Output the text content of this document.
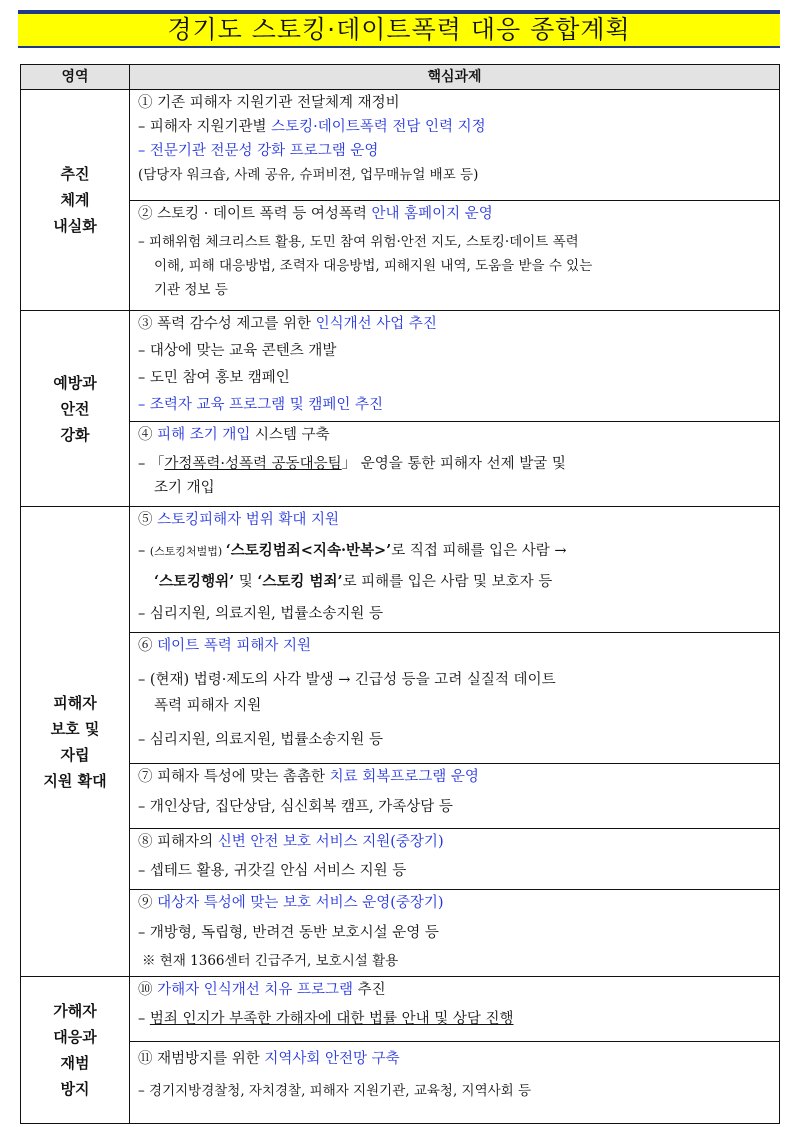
경기도 스토킹·데이트폭력 대응 종합계획
영역	핵심과제
추진
체계
내실화
① 기존 피해자 지원기관 전달체계 재정비
– 피해자 지원기관별 스토킹·데이트폭력 전담 인력 지정
– 전문기관 전문성 강화 프로그램 운영
(담당자 워크숍, 사례 공유, 슈퍼비젼, 업무매뉴얼 배포 등)
② 스토킹 · 데이트 폭력 등 여성폭력 안내 홈페이지 운영
– 피해위험 체크리스트 활용, 도민 참여 위험·안전 지도, 스토킹·데이트 폭력
이해, 피해 대응방법, 조력자 대응방법, 피해지원 내역, 도움을 받을 수 있는
기관 정보 등
예방과
안전
강화
③ 폭력 감수성 제고를 위한 인식개선 사업 추진
– 대상에 맞는 교육 콘텐츠 개발
– 도민 참여 홍보 캠페인
– 조력자 교육 프로그램 및 캠페인 추진
④ 피해 조기 개입 시스템 구축
– 「가정폭력·성폭력 공동대응팀」 운영을 통한 피해자 선제 발굴 및
조기 개입
피해자
보호 및
자립
지원 확대
⑤ 스토킹피해자 범위 확대 지원
– (스토킹처벌법) ‘스토킹범죄<지속·반복>’로 직접 피해를 입은 사람 →
‘스토킹행위’ 및 ‘스토킹 범죄’로 피해를 입은 사람 및 보호자 등
– 심리지원, 의료지원, 법률소송지원 등
⑥ 데이트 폭력 피해자 지원
– (현재) 법령·제도의 사각 발생 → 긴급성 등을 고려 실질적 데이트
폭력 피해자 지원
– 심리지원, 의료지원, 법률소송지원 등
⑦ 피해자 특성에 맞는 촘촘한 치료 회복프로그램 운영
– 개인상담, 집단상담, 심신회복 캠프, 가족상담 등
⑧ 피해자의 신변 안전 보호 서비스 지원(중장기)
– 셉테드 활용, 귀갓길 안심 서비스 지원 등
⑨ 대상자 특성에 맞는 보호 서비스 운영(중장기)
– 개방형, 독립형, 반려견 동반 보호시설 운영 등
※ 현재 1366센터 긴급주거, 보호시설 활용
가해자
대응과
재범
방지
⑩ 가해자 인식개선 치유 프로그램 추진
– 범죄 인지가 부족한 가해자에 대한 법률 안내 및 상담 진행
⑪ 재범방지를 위한 지역사회 안전망 구축
– 경기지방경찰청, 자치경찰, 피해자 지원기관, 교육청, 지역사회 등
